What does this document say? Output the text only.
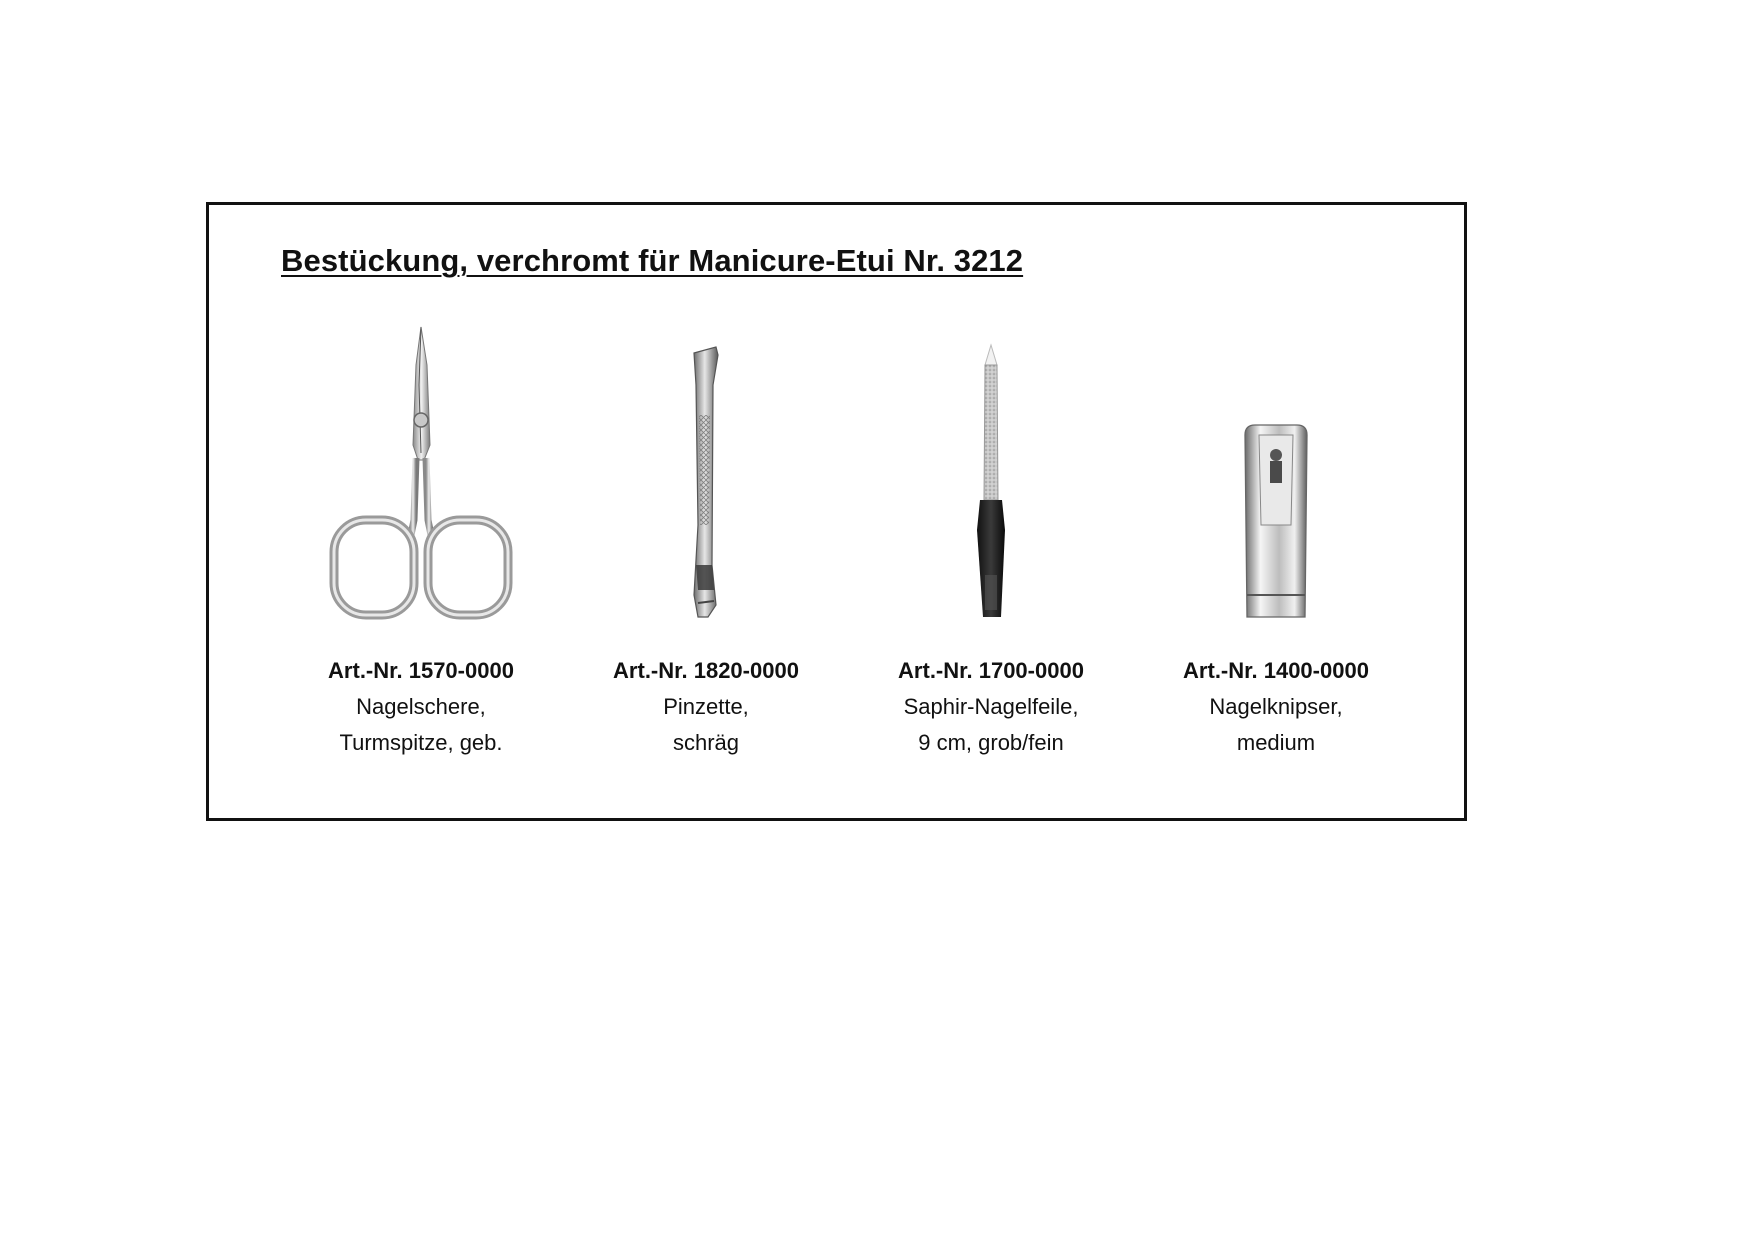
Bestückung, verchromt für Manicure-Etui Nr. 3212
Art.-Nr. 1570-0000
Nagelschere,
Turmspitze, geb.
Art.-Nr. 1820-0000
Pinzette,
schräg
Art.-Nr. 1700-0000
Saphir-Nagelfeile,
9 cm, grob/fein
Art.-Nr. 1400-0000
Nagelknipser,
medium
